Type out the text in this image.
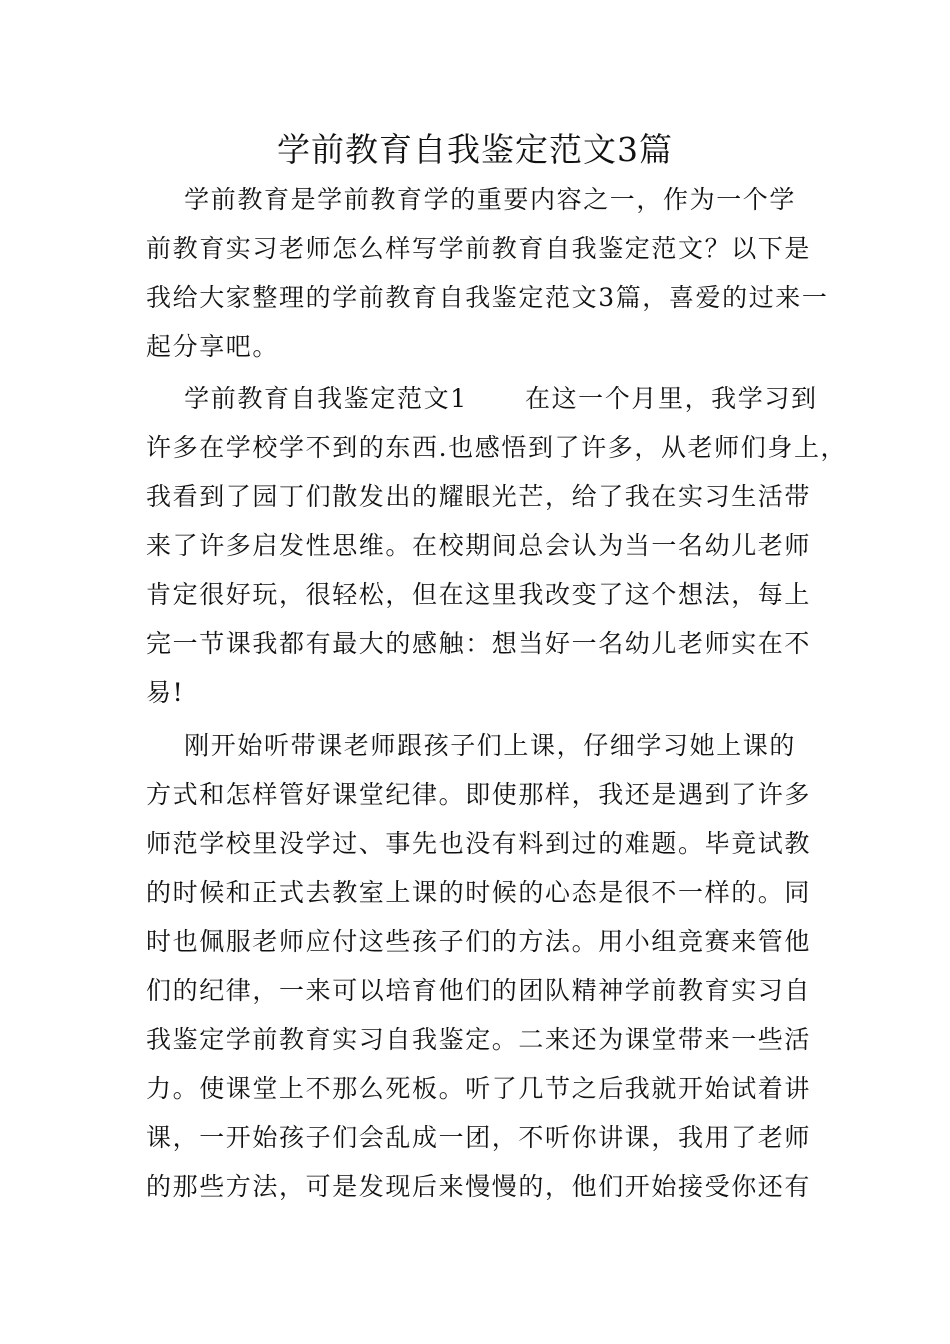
学前教育自我鉴定范文3篇

学前教育是学前教育学的重要内容之一，作为一个学

前教育实习老师怎么样写学前教育自我鉴定范文？以下是

我给大家整理的学前教育自我鉴定范文3篇，喜爱的过来一

起分享吧。

学前教育自我鉴定范文1      在这一个月里，我学习到

许多在学校学不到的东西.也感悟到了许多，从老师们身上，

我看到了园丁们散发出的耀眼光芒，给了我在实习生活带

来了许多启发性思维。在校期间总会认为当一名幼儿老师

肯定很好玩，很轻松，但在这里我改变了这个想法，每上

完一节课我都有最大的感触：想当好一名幼儿老师实在不

易!

刚开始听带课老师跟孩子们上课，仔细学习她上课的

方式和怎样管好课堂纪律。即使那样，我还是遇到了许多

师范学校里没学过、事先也没有料到过的难题。毕竟试教

的时候和正式去教室上课的时候的心态是很不一样的。同

时也佩服老师应付这些孩子们的方法。用小组竞赛来管他

们的纪律，一来可以培育他们的团队精神学前教育实习自

我鉴定学前教育实习自我鉴定。二来还为课堂带来一些活

力。使课堂上不那么死板。听了几节之后我就开始试着讲

课，一开始孩子们会乱成一团，不听你讲课，我用了老师

的那些方法，可是发现后来慢慢的，他们开始接受你还有
